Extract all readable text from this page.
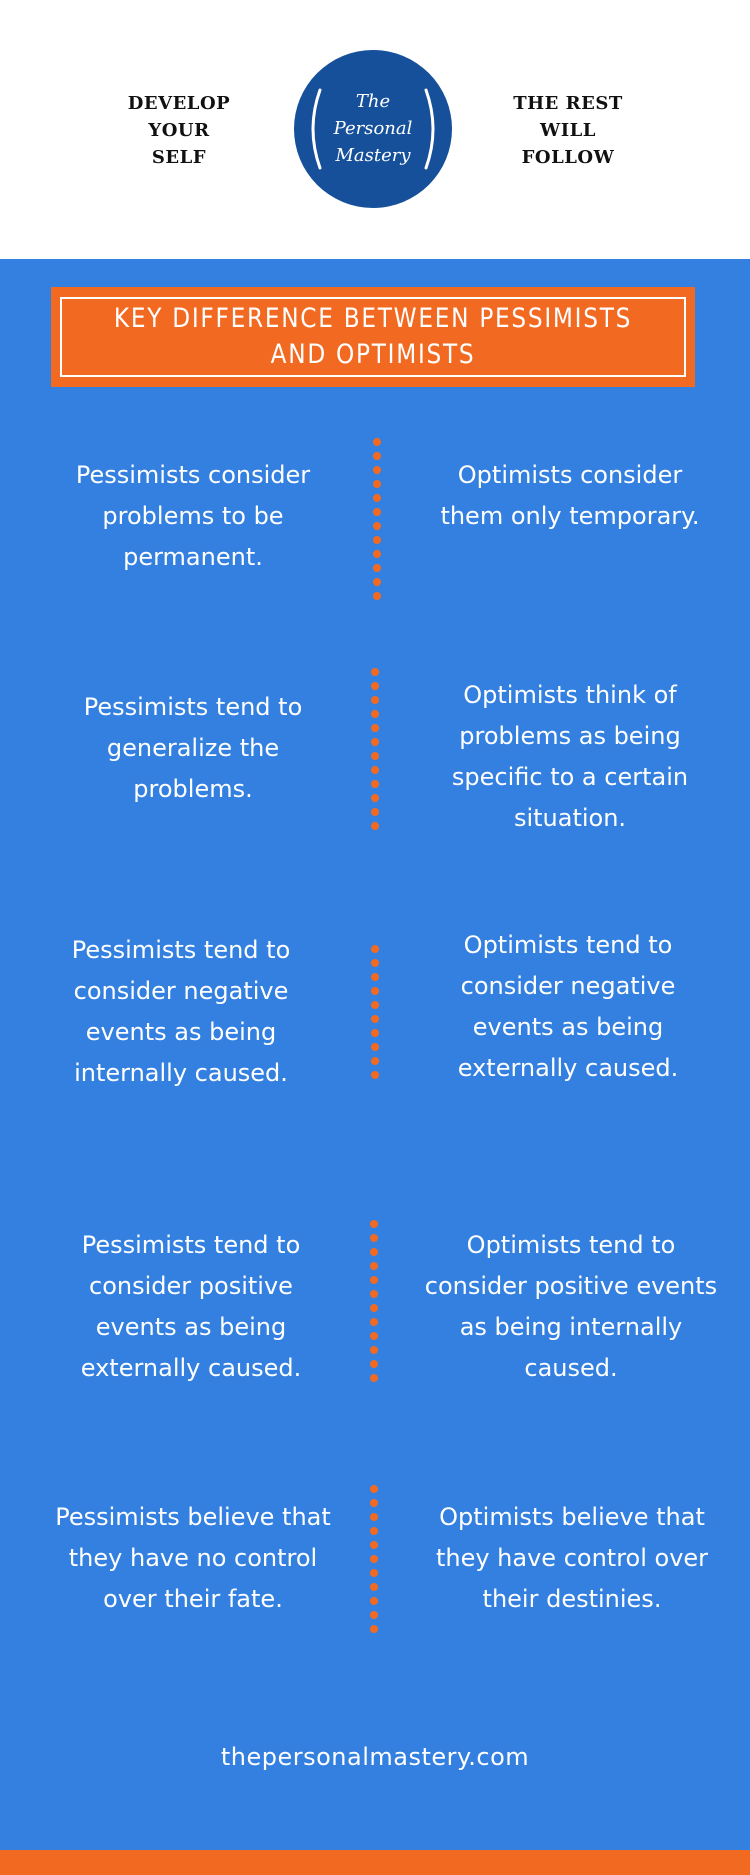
DEVELOP
YOUR
SELF
The
Personal
Mastery
THE REST
WILL
FOLLOW
KEY DIFFERENCE BETWEEN PESSIMISTS AND OPTIMISTS
Pessimists consider problems to be permanent.
Optimists consider them only temporary.
Pessimists tend to generalize the problems.
Optimists think of problems as being specific to a certain situation.
Pessimists tend to consider negative events as being internally caused.
Optimists tend to consider negative events as being externally caused.
Pessimists tend to consider positive events as being externally caused.
Optimists tend to consider positive events as being internally caused.
Pessimists believe that they have no control over their fate.
Optimists believe that they have control over their destinies.
thepersonalmastery.com
